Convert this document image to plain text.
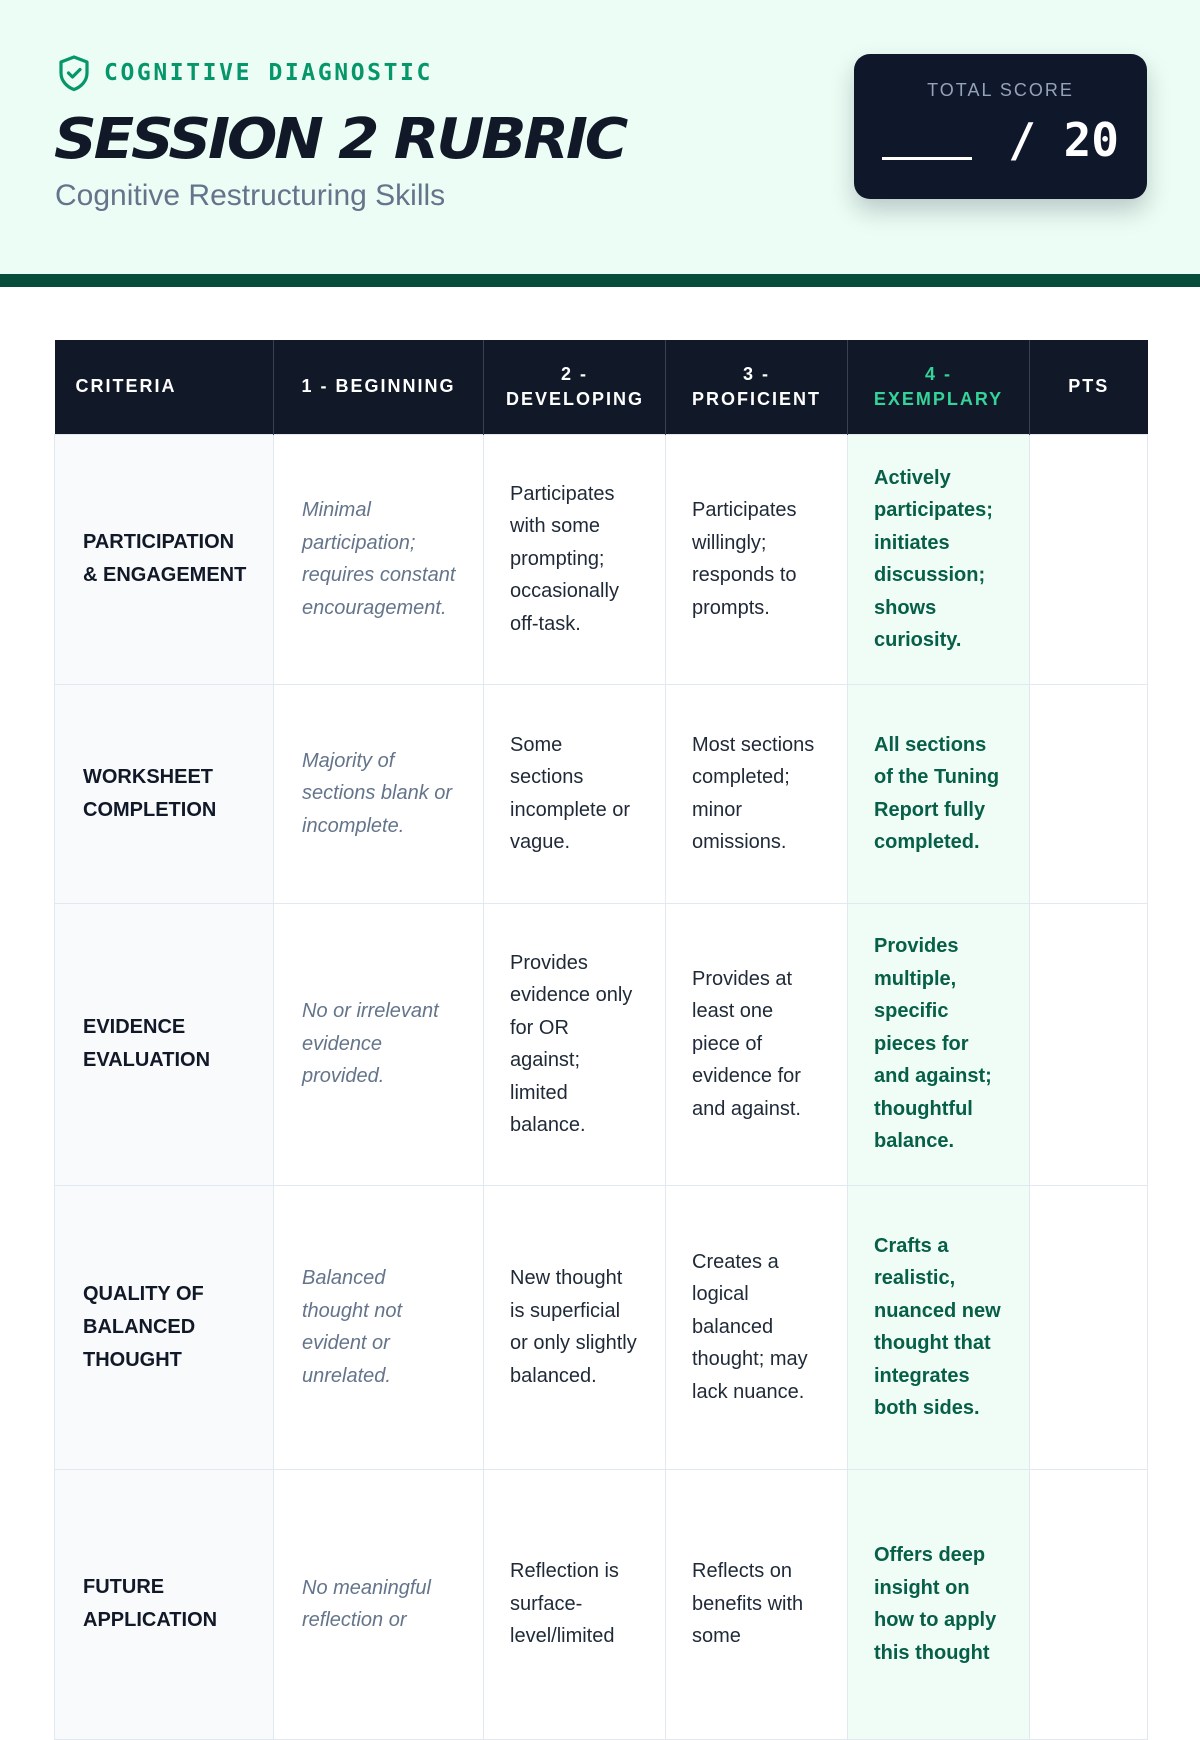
COGNITIVE DIAGNOSTIC
SESSION 2 RUBRIC
Cognitive Restructuring Skills
TOTAL SCORE
/ 20
CRITERIA	1 - BEGINNING	2 - DEVELOPING	3 - PROFICIENT	4 - EXEMPLARY	PTS
PARTICIPATION & ENGAGEMENT	Minimal participation; requires constant encouragement.	Participates with some prompting; occasionally off-task.	Participates willingly; responds to prompts.	Actively participates; initiates discussion; shows curiosity.	
WORKSHEET COMPLETION	Majority of sections blank or incomplete.	Some sections incomplete or vague.	Most sections completed; minor omissions.	All sections of the Tuning Report fully completed.	
EVIDENCE EVALUATION	No or irrelevant evidence provided.	Provides evidence only for OR against; limited balance.	Provides at least one piece of evidence for and against.	Provides multiple, specific pieces for and against; thoughtful balance.	
QUALITY OF BALANCED THOUGHT	Balanced thought not evident or unrelated.	New thought is superficial or only slightly balanced.	Creates a logical balanced thought; may lack nuance.	Crafts a realistic, nuanced new thought that integrates both sides.	
FUTURE APPLICATION	No meaningful reflection or	Reflection is surface-level/limited	Reflects on benefits with some	Offers deep insight on how to apply this thought	
